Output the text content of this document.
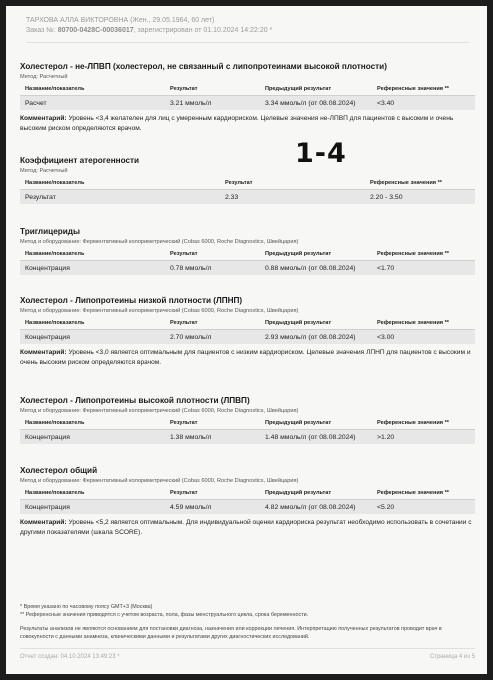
ТАРХОВА АЛЛА ВИКТОРОВНА (Жен., 29.05.1964, 60 лет)
Заказ №: 80700-0428С-00036017, зарегистрирован от 01.10.2024 14:22:20 *
Холестерол - не-ЛПВП (холестерол, не связанный с липопротеинами высокой плотности)
Метод: Расчетный
Название/показатель	Результат	Предыдущий результат	Референсные значения **
Расчет	3.21 ммоль/л	3.34 ммоль/л (от 08.08.2024)	<3.40
Комментарий: Уровень <3,4 желателен для лиц с умеренным кардиориском. Целевые значения не-ЛПВП для пациентов с высоким и очень высоким риском определяются врачом.
1-4
Коэффициент атерогенности
Метод: Расчетный
Название/показатель	Результат	Референсные значения **
Результат	2.33	2.20 - 3.50
Триглицериды
Метод и оборудование: Ферментативный колориметрический (Cobas 6000, Roche Diagnostics, Швейцария)
Название/показатель	Результат	Предыдущий результат	Референсные значения **
Концентрация	0.78 ммоль/л	0.88 ммоль/л (от 08.08.2024)	<1.70
Холестерол - Липопротеины низкой плотности (ЛПНП)
Метод и оборудование: Ферментативный колориметрический (Cobas 6000, Roche Diagnostics, Швейцария)
Название/показатель	Результат	Предыдущий результат	Референсные значения **
Концентрация	2.70 ммоль/л	2.93 ммоль/л (от 08.08.2024)	<3.00
Комментарий: Уровень <3,0 является оптимальным для пациентов с низким кардиориском. Целевые значения ЛПНП для пациентов с высоким и очень высоким риском определяются врачом.
Холестерол - Липопротеины высокой плотности (ЛПВП)
Метод и оборудование: Ферментативный колориметрический (Cobas 6000, Roche Diagnostics, Швейцария)
Название/показатель	Результат	Предыдущий результат	Референсные значения **
Концентрация	1.38 ммоль/л	1.48 ммоль/л (от 08.08.2024)	>1.20
Холестерол общий
Метод и оборудование: Ферментативный колориметрический (Cobas 6000, Roche Diagnostics, Швейцария)
Название/показатель	Результат	Предыдущий результат	Референсные значения **
Концентрация	4.59 ммоль/л	4.82 ммоль/л (от 08.08.2024)	<5.20
Комментарий: Уровень <5,2 является оптимальным. Для индивидуальной оценки кардиориска результат необходимо использовать в сочетании с другими показателями (шкала SCORE).
* Время указано по часовому поясу GMT+3 (Москва)
** Референсные значения приводятся с учетом возраста, пола, фазы менструального цикла, срока беременности.
Результаты анализов не являются основанием для постановки диагноза, назначения или коррекции лечения. Интерпретацию полученных результатов проводит врач в совокупности с данными анамнеза, клиническими данными и результатами других диагностических исследований.
Отчет создан: 04.10.2024 13:49:23 *	Страница 4 из 5
